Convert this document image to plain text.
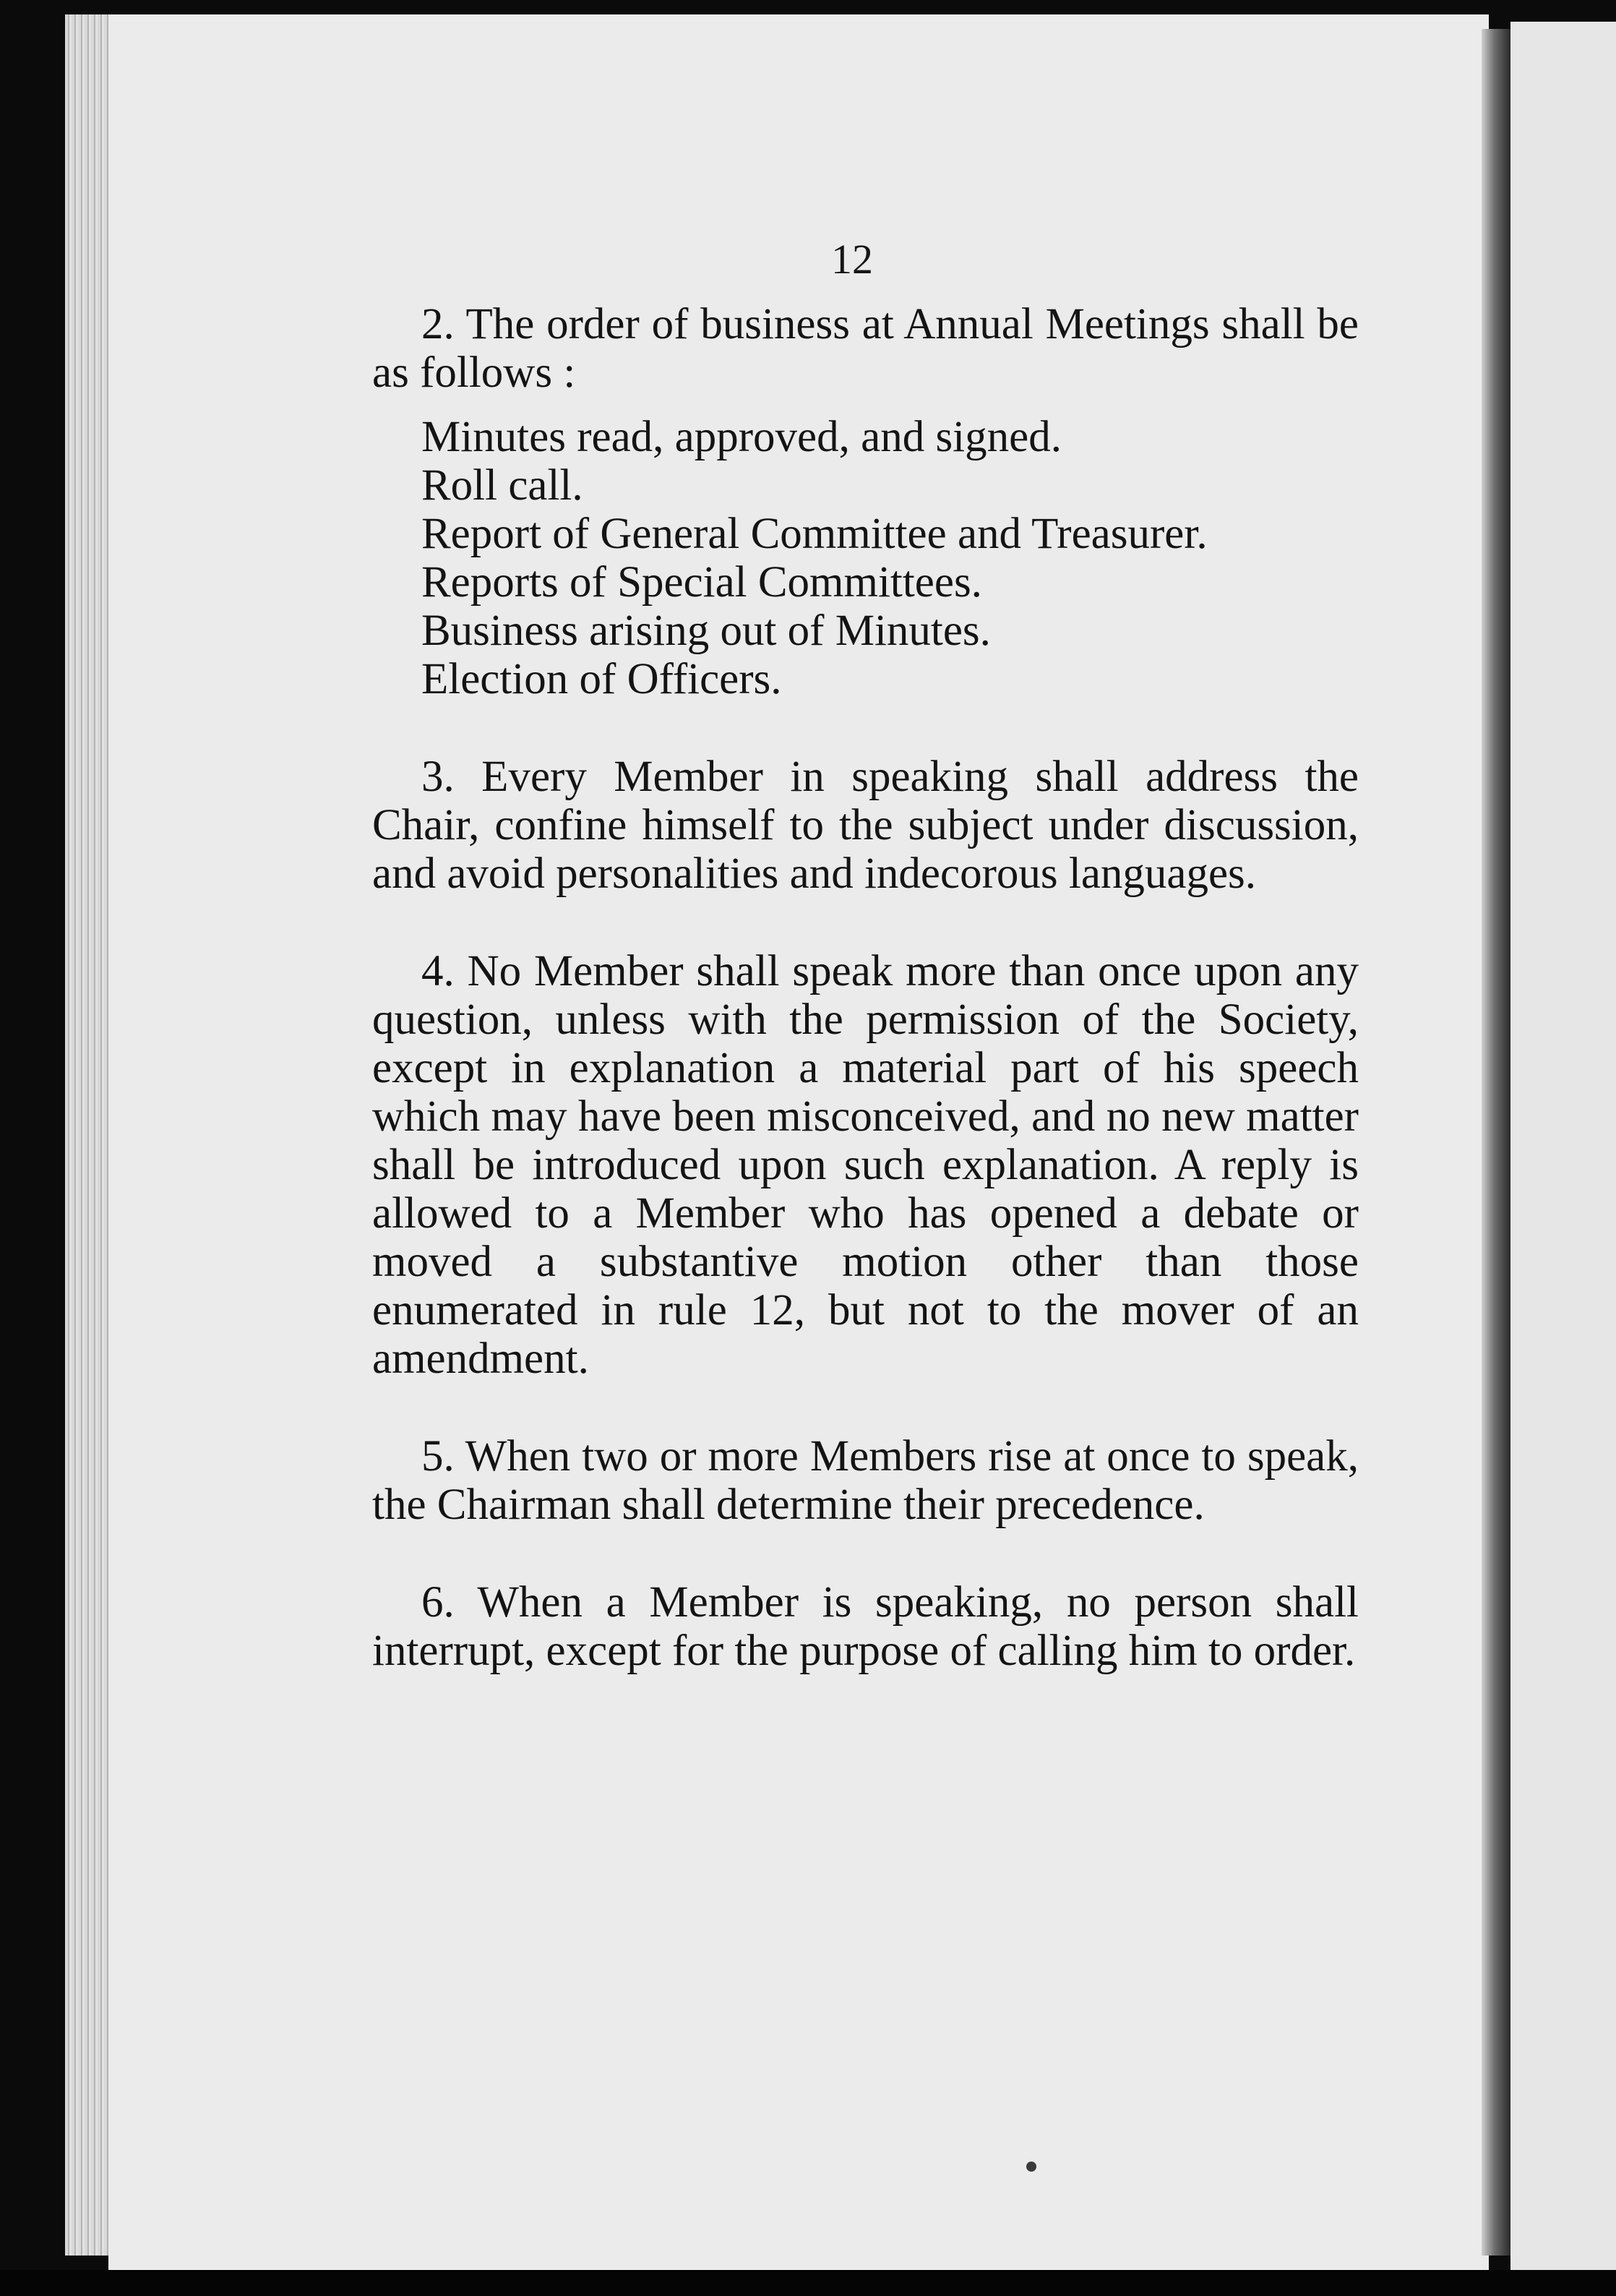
12

2. The order of business at Annual Meetings shall be as follows :

Minutes read, approved, and signed.
Roll call.
Report of General Committee and Treasurer.
Reports of Special Committees.
Business arising out of Minutes.
Election of Officers.

3. Every Member in speaking shall address the Chair, confine himself to the subject under discussion, and avoid personalities and indecorous languages.

4. No Member shall speak more than once upon any question, unless with the permission of the Society, except in explanation a material part of his speech which may have been misconceived, and no new matter shall be introduced upon such explanation. A reply is allowed to a Member who has opened a debate or moved a substantive motion other than those enumerated in rule 12, but not to the mover of an amendment.

5. When two or more Members rise at once to speak, the Chairman shall determine their precedence.

6. When a Member is speaking, no person shall interrupt, except for the purpose of calling him to order.
